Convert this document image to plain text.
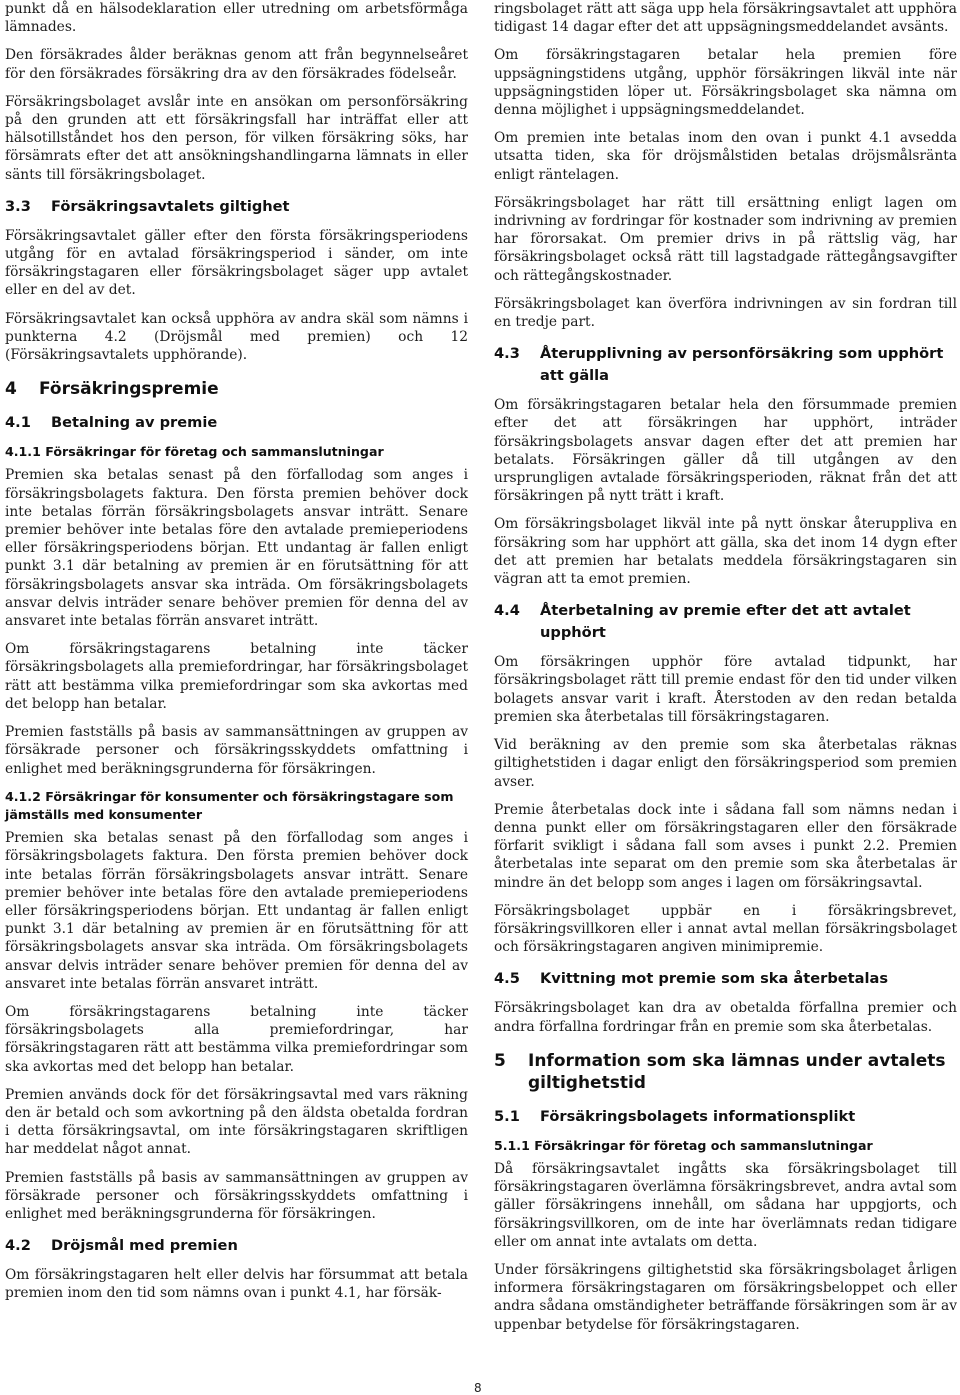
punkt då en hälsodeklaration eller utredning om arbetsförmåga lämnades.

Den försäkrades ålder beräknas genom att från begynnelseåret för den försäkrades försäkring dra av den försäkrades födelseår.

Försäkringsbolaget avslår inte en ansökan om personförsäkring på den grunden att ett försäkringsfall har inträffat eller att hälsotillståndet hos den person, för vilken försäkring söks, har försämrats efter det att ansökningshandlingarna lämnats in eller sänts till försäkringsbolaget.

3.3	Försäkringsavtalets giltighet

Försäkringsavtalet gäller efter den första försäkringsperiodens utgång för en avtalad försäkringsperiod i sänder, om inte försäkringstagaren eller försäkringsbolaget säger upp avtalet eller en del av det.

Försäkringsavtalet kan också upphöra av andra skäl som nämns i punkterna 4.2 (Dröjsmål med premien) och 12 (Försäkringsavtalets upphörande).

4	Försäkringspremie
4.1	Betalning av premie
4.1.1 Försäkringar för företag och sammanslutningar

Premien ska betalas senast på den förfallodag som anges i försäkringsbolagets faktura. Den första premien behöver dock inte betalas förrän försäkringsbolagets ansvar inträtt. Senare premier behöver inte betalas före den avtalade premieperiodens eller försäkringsperiodens början. Ett undantag är fallen enligt punkt 3.1 där betalning av premien är en förutsättning för att försäkringsbolagets ansvar ska inträda. Om försäkringsbolagets ansvar delvis inträder senare behöver premien för denna del av ansvaret inte betalas förrän ansvaret inträtt.

Om försäkringstagarens betalning inte täcker försäkringsbolagets alla premiefordringar, har försäkringsbolaget rätt att bestämma vilka premiefordringar som ska avkortas med det belopp han betalar.

Premien fastställs på basis av sammansättningen av gruppen av försäkrade personer och försäkringsskyddets omfattning i enlighet med beräkningsgrunderna för försäkringen.

4.1.2 Försäkringar för konsumenter och försäkringstagare som jämställs med konsumenter

Premien ska betalas senast på den förfallodag som anges i försäkringsbolagets faktura. Den första premien behöver dock inte betalas förrän försäkringsbolagets ansvar inträtt. Senare premier behöver inte betalas före den avtalade premieperiodens eller försäkringsperiodens början. Ett undantag är fallen enligt punkt 3.1 där betalning av premien är en förutsättning för att försäkringsbolagets ansvar ska inträda. Om försäkringsbolagets ansvar delvis inträder senare behöver premien för denna del av ansvaret inte betalas förrän ansvaret inträtt.

Om försäkringstagarens betalning inte täcker försäkringsbolagets alla premiefordringar, har försäkringstagaren rätt att bestämma vilka premiefordringar som ska avkortas med det belopp han betalar.

Premien används dock för det försäkringsavtal med vars räkning den är betald och som avkortning på den äldsta obetalda fordran i detta försäkringsavtal, om inte försäkringstagaren skriftligen har meddelat något annat.

Premien fastställs på basis av sammansättningen av gruppen av försäkrade personer och försäkringsskyddets omfattning i enlighet med beräkningsgrunderna för försäkringen.

4.2	Dröjsmål med premien

Om försäkringstagaren helt eller delvis har försummat att betala premien inom den tid som nämns ovan i punkt 4.1, har försäk-

ringsbolaget rätt att säga upp hela försäkringsavtalet att upphöra tidigast 14 dagar efter det att uppsägningsmeddelandet avsänts.

Om försäkringstagaren betalar hela premien före uppsägningstidens utgång, upphör försäkringen likväl inte när uppsägningstiden löper ut. Försäkringsbolaget ska nämna om denna möjlighet i uppsägningsmeddelandet.

Om premien inte betalas inom den ovan i punkt 4.1 avsedda utsatta tiden, ska för dröjsmålstiden betalas dröjsmålsränta enligt räntelagen.

Försäkringsbolaget har rätt till ersättning enligt lagen om indrivning av fordringar för kostnader som indrivning av premien har förorsakat. Om premier drivs in på rättslig väg, har försäkringsbolaget också rätt till lagstadgade rättegångsavgifter och rättegångskostnader.

Försäkringsbolaget kan överföra indrivningen av sin fordran till en tredje part.

4.3	Återupplivning av personförsäkring som upphört att gälla

Om försäkringstagaren betalar hela den försummade premien efter det att försäkringen har upphört, inträder försäkringsbolagets ansvar dagen efter det att premien har betalats. Försäkringen gäller då till utgången av den ursprungligen avtalade försäkringsperioden, räknat från det att försäkringen på nytt trätt i kraft.

Om försäkringsbolaget likväl inte på nytt önskar återuppliva en försäkring som har upphört att gälla, ska det inom 14 dygn efter det att premien har betalats meddela försäkringstagaren sin vägran att ta emot premien.

4.4	Återbetalning av premie efter det att avtalet upphört

Om försäkringen upphör före avtalad tidpunkt, har försäkringsbolaget rätt till premie endast för den tid under vilken bolagets ansvar varit i kraft. Återstoden av den redan betalda premien ska återbetalas till försäkringstagaren.

Vid beräkning av den premie som ska återbetalas räknas giltighetstiden i dagar enligt den försäkringsperiod som premien avser.

Premie återbetalas dock inte i sådana fall som nämns nedan i denna punkt eller om försäkringstagaren eller den försäkrade förfarit svikligt i sådana fall som avses i punkt 2.2. Premien återbetalas inte separat om den premie som ska återbetalas är mindre än det belopp som anges i lagen om försäkringsavtal.

Försäkringsbolaget uppbär en i försäkringsbrevet, försäkringsvillkoren eller i annat avtal mellan försäkringsbolaget och försäkringstagaren angiven minimipremie.

4.5	Kvittning mot premie som ska återbetalas

Försäkringsbolaget kan dra av obetalda förfallna premier och andra förfallna fordringar från en premie som ska återbetalas.

5	Information som ska lämnas under avtalets giltighetstid
5.1	Försäkringsbolagets informationsplikt
5.1.1 Försäkringar för företag och sammanslutningar

Då försäkringsavtalet ingåtts ska försäkringsbolaget till försäkringstagaren överlämna försäkringsbrevet, andra avtal som gäller försäkringens innehåll, om sådana har uppgjorts, och försäkringsvillkoren, om de inte har överlämnats redan tidigare eller om annat inte avtalats om detta.

Under försäkringens giltighetstid ska försäkringsbolaget årligen informera försäkringstagaren om försäkringsbeloppet och eller andra sådana omständigheter beträffande försäkringen som är av uppenbar betydelse för försäkringstagaren.

8
